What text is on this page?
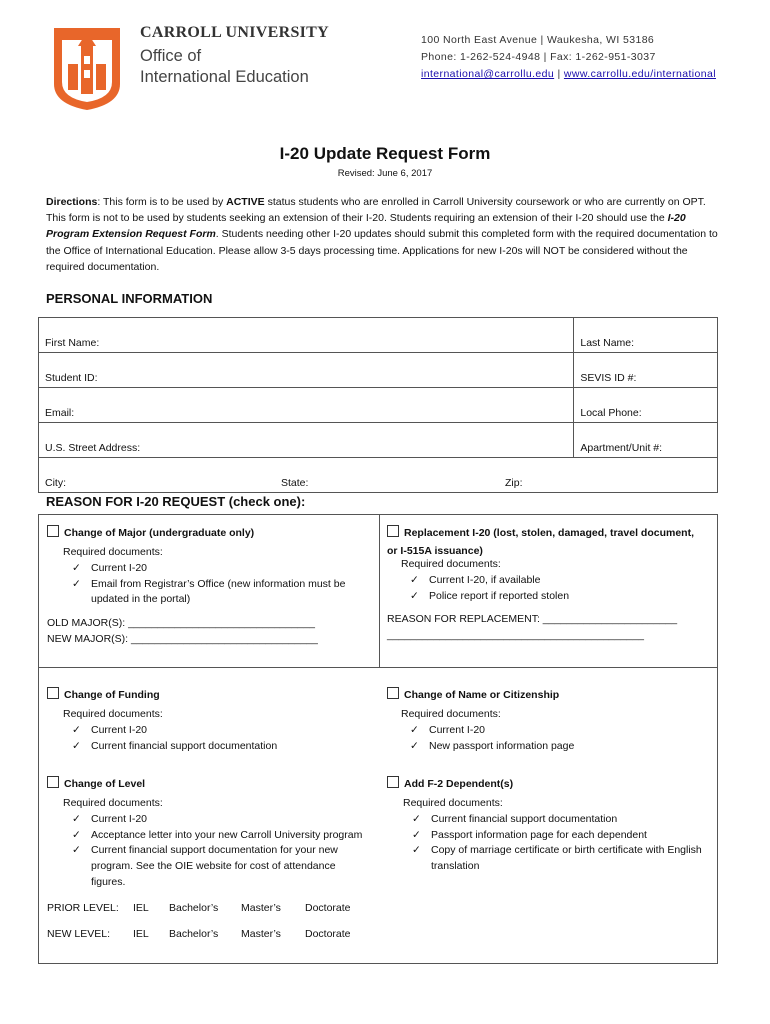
CARROLL UNIVERSITY
Office of
International Education
100 North East Avenue | Waukesha, WI 53186
Phone: 1-262-524-4948 | Fax: 1-262-951-3037
international@carrollu.edu | www.carrollu.edu/international
I-20 Update Request Form
Revised: June 6, 2017
Directions: This form is to be used by ACTIVE status students who are enrolled in Carroll University coursework or who are currently on OPT. This form is not to be used by students seeking an extension of their I-20. Students requiring an extension of their I-20 should use the I-20 Program Extension Request Form. Students needing other I-20 updates should submit this completed form with the required documentation to the Office of International Education. Please allow 3-5 days processing time. Applications for new I-20s will NOT be considered without the required documentation.
PERSONAL INFORMATION
First Name:	Last Name:
Student ID:	SEVIS ID #:
Email:	Local Phone:
U.S. Street Address:	Apartment/Unit #:
City: State: Zip:	
REASON FOR I-20 REQUEST (check one):
Change of Major (undergraduate only)
Required documents:
✓ Current I-20
✓ Email from Registrar’s Office (new information must be updated in the portal)
OLD MAJOR(S): ________________________________
NEW MAJOR(S): ________________________________
Replacement I-20 (lost, stolen, damaged, travel document,
or I-515A issuance)
Required documents:
✓ Current I-20, if available
✓ Police report if reported stolen
REASON FOR REPLACEMENT: _______________________
____________________________________________
Change of Funding
Required documents:
✓ Current I-20
✓ Current financial support documentation
Change of Name or Citizenship
Required documents:
✓ Current I-20
✓ New passport information page
Change of Level
Required documents:
✓ Current I-20
✓ Acceptance letter into your new Carroll University program
✓ Current financial support documentation for your new program. See the OIE website for cost of attendance figures.
PRIOR LEVEL: IEL Bachelor’s Master’s Doctorate
NEW LEVEL: IEL Bachelor’s Master’s Doctorate
Add F-2 Dependent(s)
Required documents:
✓ Current financial support documentation
✓ Passport information page for each dependent
✓ Copy of marriage certificate or birth certificate with English translation
